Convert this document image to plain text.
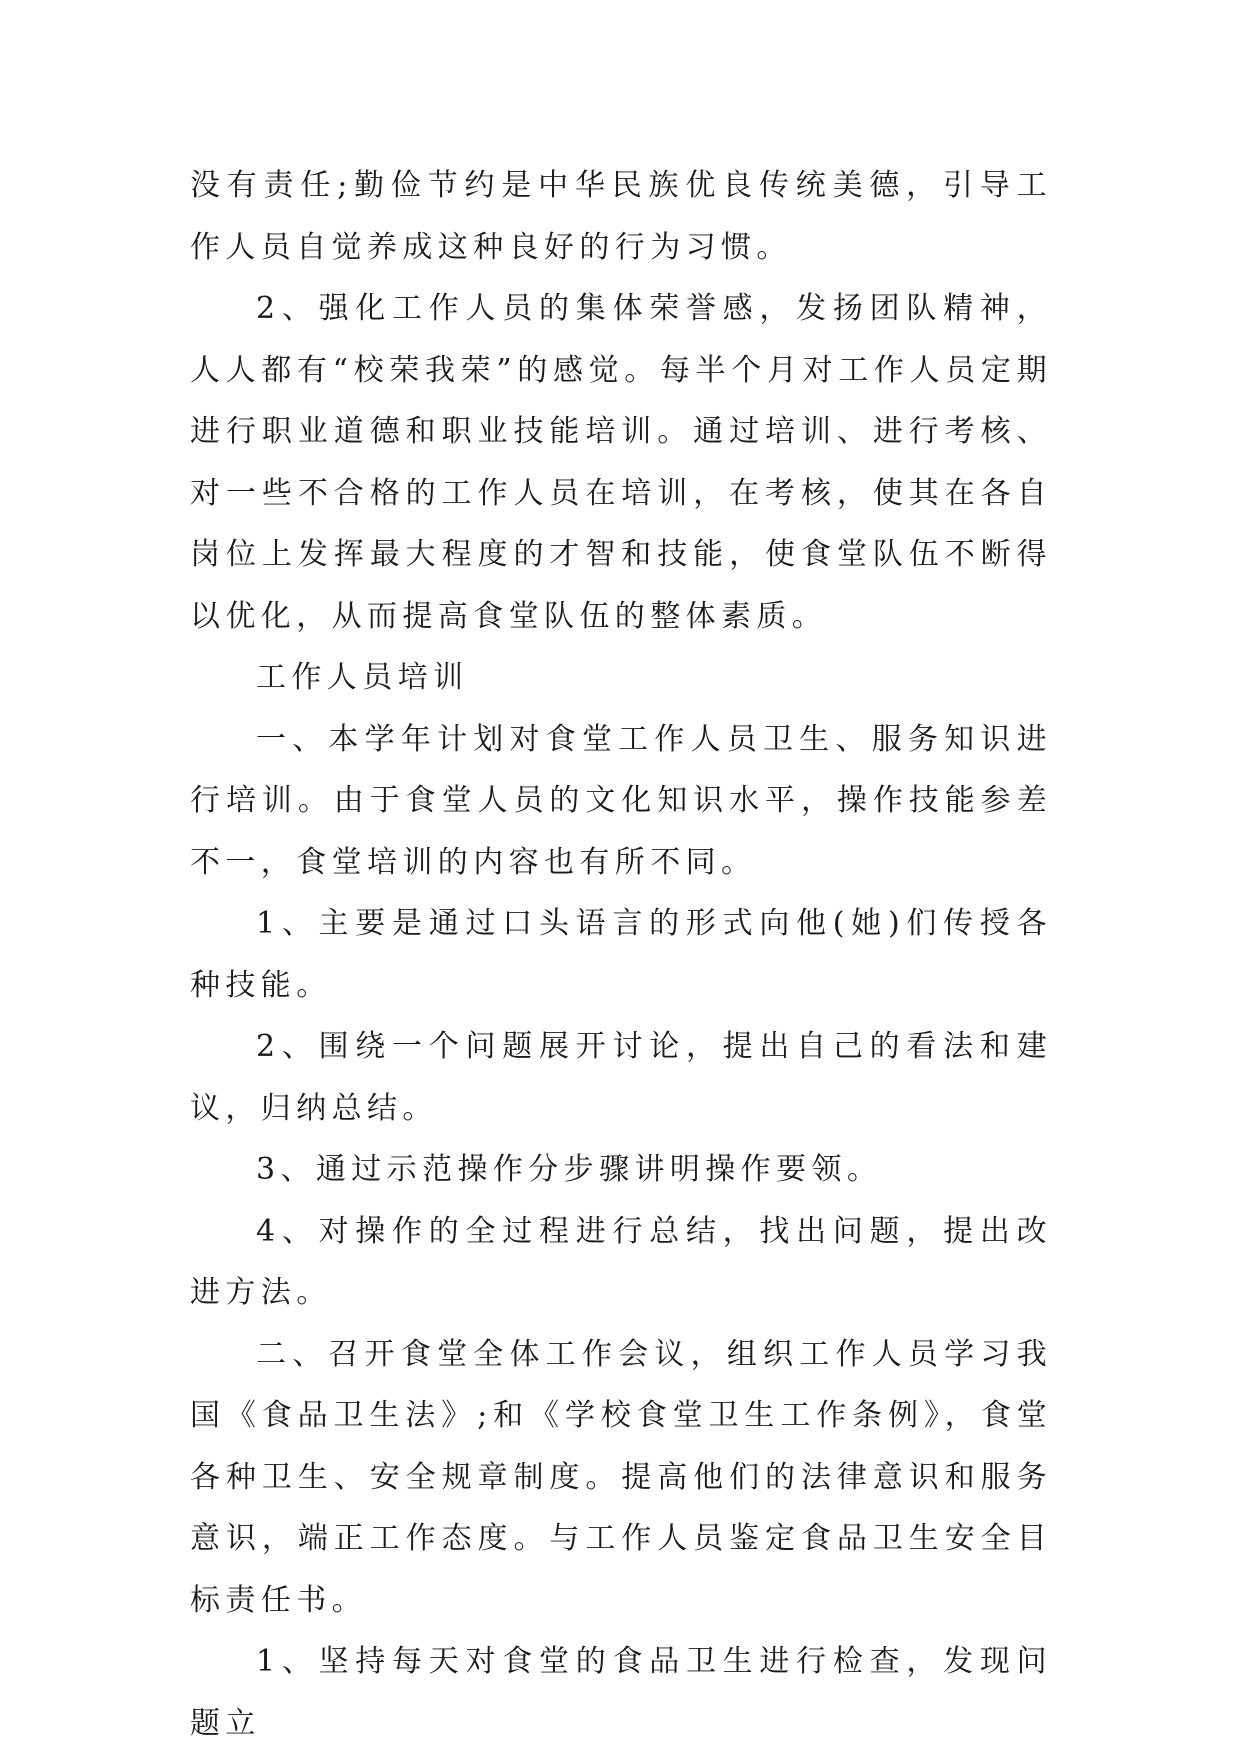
没有责任;勤俭节约是中华民族优良传统美德，引导工作人员自觉养成这种良好的行为习惯。

2、强化工作人员的集体荣誉感，发扬团队精神，人人都有“校荣我荣”的感觉。每半个月对工作人员定期进行职业道德和职业技能培训。通过培训、进行考核、对一些不合格的工作人员在培训，在考核，使其在各自岗位上发挥最大程度的才智和技能，使食堂队伍不断得以优化，从而提高食堂队伍的整体素质。

工作人员培训

一、本学年计划对食堂工作人员卫生、服务知识进行培训。由于食堂人员的文化知识水平，操作技能参差不一，食堂培训的内容也有所不同。

1、主要是通过口头语言的形式向他(她)们传授各种技能。

2、围绕一个问题展开讨论，提出自己的看法和建议，归纳总结。

3、通过示范操作分步骤讲明操作要领。

4、对操作的全过程进行总结，找出问题，提出改进方法。

二、召开食堂全体工作会议，组织工作人员学习我国《食品卫生法》;和《学校食堂卫生工作条例》，食堂各种卫生、安全规章制度。提高他们的法律意识和服务意识，端正工作态度。与工作人员鉴定食品卫生安全目标责任书。

1、坚持每天对食堂的食品卫生进行检查，发现问题立
